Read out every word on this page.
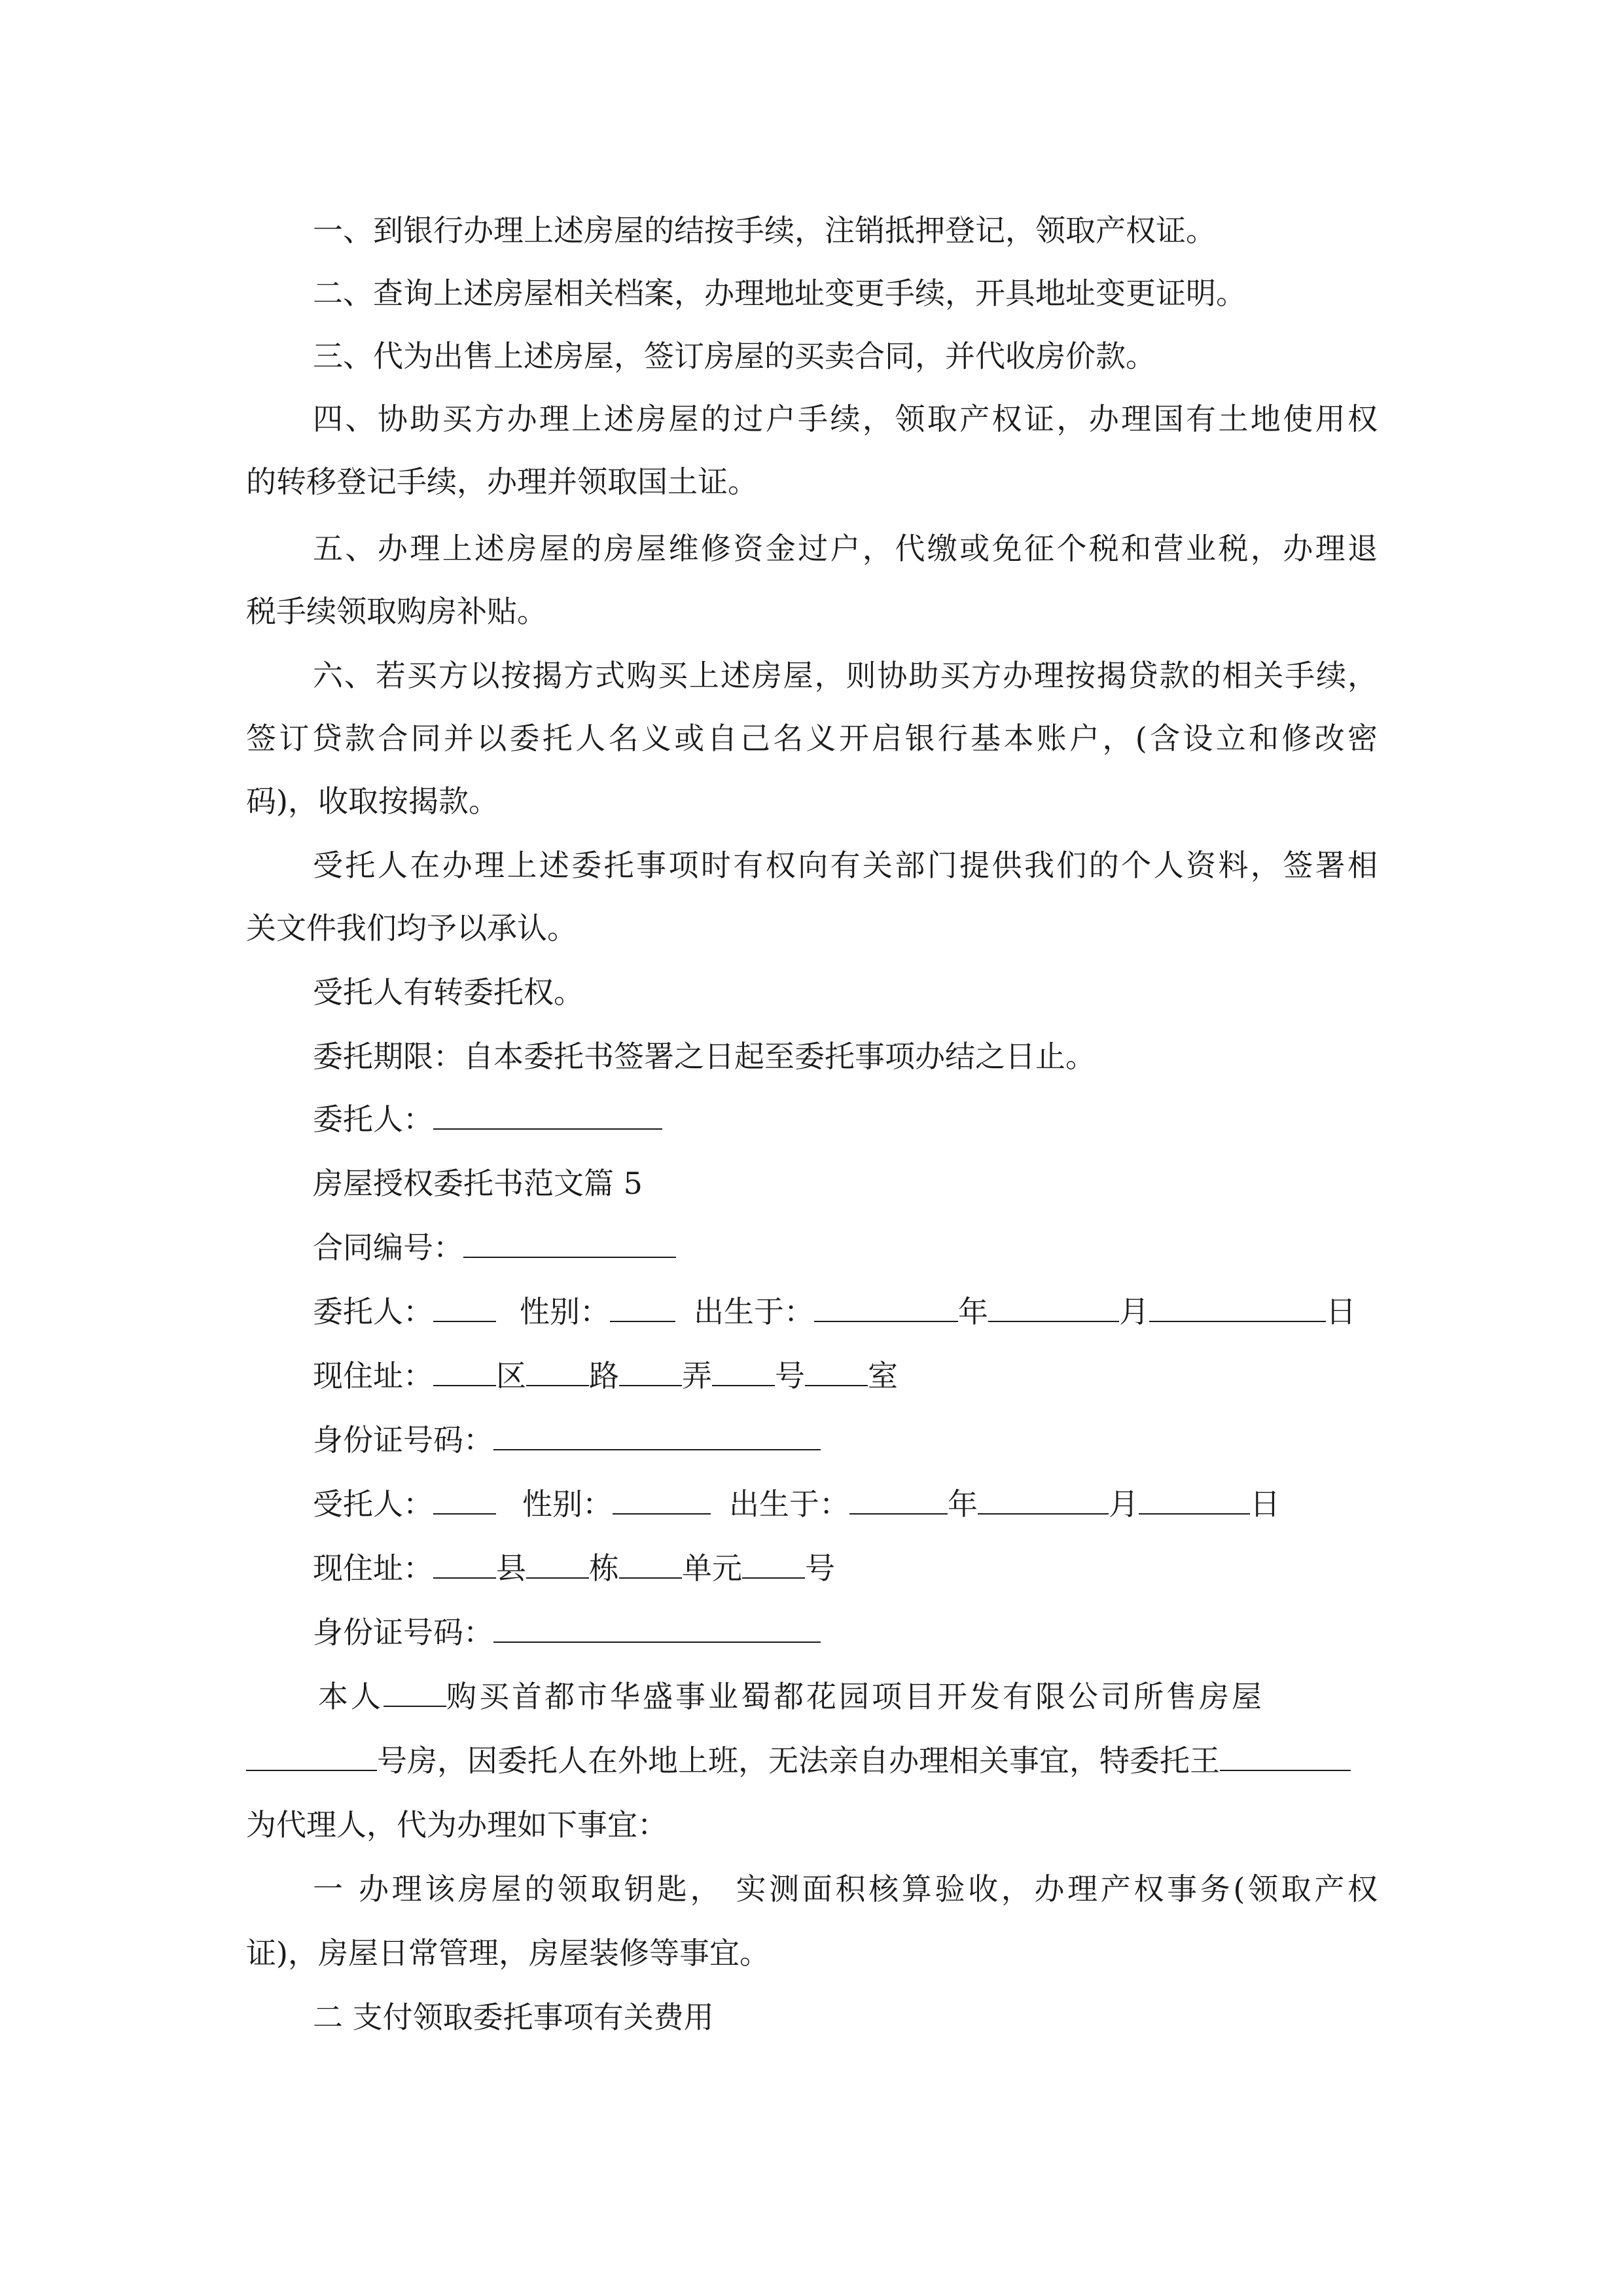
一、到银行办理上述房屋的结按手续，注销抵押登记，领取产权证。
二、查询上述房屋相关档案，办理地址变更手续，开具地址变更证明。
三、代为出售上述房屋，签订房屋的买卖合同，并代收房价款。
四、协助买方办理上述房屋的过户手续，领取产权证，办理国有土地使用权
的转移登记手续，办理并领取国土证。
五、办理上述房屋的房屋维修资金过户，代缴或免征个税和营业税，办理退
税手续领取购房补贴。
六、若买方以按揭方式购买上述房屋，则协助买方办理按揭贷款的相关手续，
签订贷款合同并以委托人名义或自己名义开启银行基本账户，(含设立和修改密
码)，收取按揭款。
受托人在办理上述委托事项时有权向有关部门提供我们的个人资料，签署相
关文件我们均予以承认。
受托人有转委托权。
委托期限：自本委托书签署之日起至委托事项办结之日止。
委托人：
房屋授权委托书范文篇 5
合同编号：
委托人：	性别：	出生于：	年	月	日
现住址： 区 路 弄 号 室
身份证号码：
受托人：	性别：	出生于：	年	月	日
现住址： 县 栋 单元 号
身份证号码：
本人 购买首都市华盛事业蜀都花园项目开发有限公司所售房屋
号房，因委托人在外地上班，无法亲自办理相关事宜，特委托王
为代理人，代为办理如下事宜：
一 办理该房屋的领取钥匙， 实测面积核算验收，办理产权事务(领取产权
证)，房屋日常管理，房屋装修等事宜。
二 支付领取委托事项有关费用
